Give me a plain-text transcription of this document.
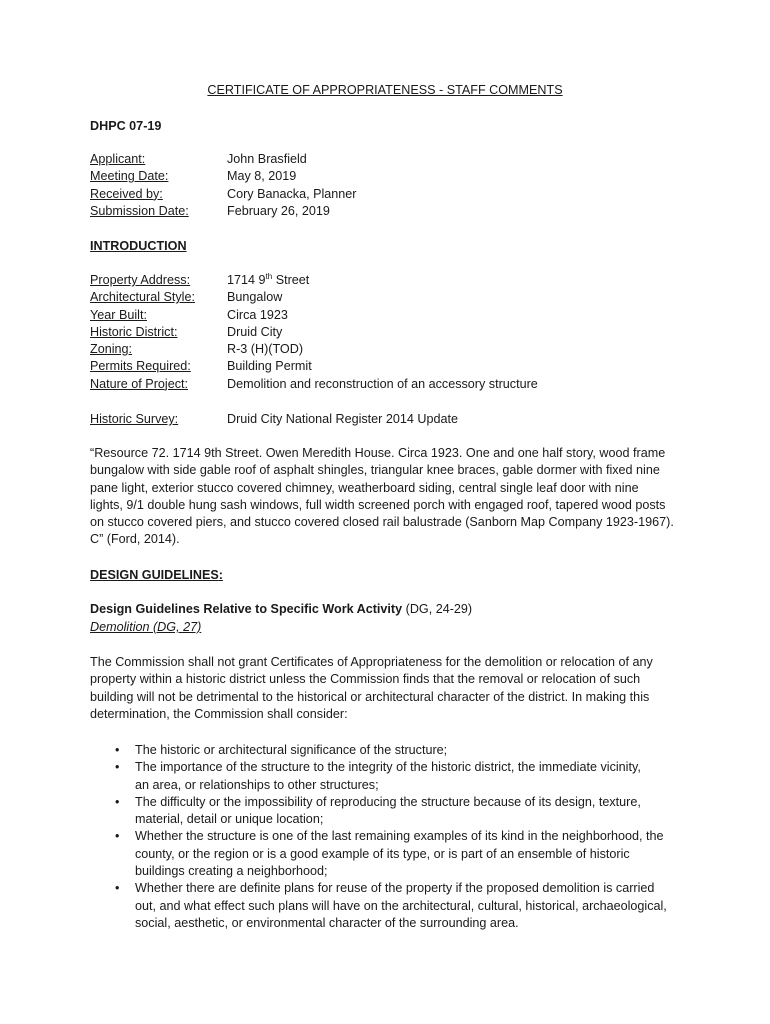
CERTIFICATE OF APPROPRIATENESS - STAFF COMMENTS
DHPC 07-19
Applicant:	John Brasfield
Meeting Date:	May 8, 2019
Received by:	Cory Banacka, Planner
Submission Date:	February 26, 2019
INTRODUCTION
Property Address:	1714 9th Street
Architectural Style:	Bungalow
Year Built:	Circa 1923
Historic District:	Druid City
Zoning:	R-3 (H)(TOD)
Permits Required:	Building Permit
Nature of Project:	Demolition and reconstruction of an accessory structure
Historic Survey:	Druid City National Register 2014 Update
“Resource 72. 1714 9th Street. Owen Meredith House. Circa 1923. One and one half story, wood frame
bungalow with side gable roof of asphalt shingles, triangular knee braces, gable dormer with fixed nine
pane light, exterior stucco covered chimney, weatherboard siding, central single leaf door with nine
lights, 9/1 double hung sash windows, full width screened porch with engaged roof, tapered wood posts
on stucco covered piers, and stucco covered closed rail balustrade (Sanborn Map Company 1923-1967).
C” (Ford, 2014).
DESIGN GUIDELINES:
Design Guidelines Relative to Specific Work Activity (DG, 24-29)
Demolition (DG, 27)
The Commission shall not grant Certificates of Appropriateness for the demolition or relocation of any
property within a historic district unless the Commission finds that the removal or relocation of such
building will not be detrimental to the historical or architectural character of the district. In making this
determination, the Commission shall consider:
• The historic or architectural significance of the structure;
• The importance of the structure to the integrity of the historic district, the immediate vicinity,
an area, or relationships to other structures;
• The difficulty or the impossibility of reproducing the structure because of its design, texture,
material, detail or unique location;
• Whether the structure is one of the last remaining examples of its kind in the neighborhood, the
county, or the region or is a good example of its type, or is part of an ensemble of historic
buildings creating a neighborhood;
• Whether there are definite plans for reuse of the property if the proposed demolition is carried
out, and what effect such plans will have on the architectural, cultural, historical, archaeological,
social, aesthetic, or environmental character of the surrounding area.
